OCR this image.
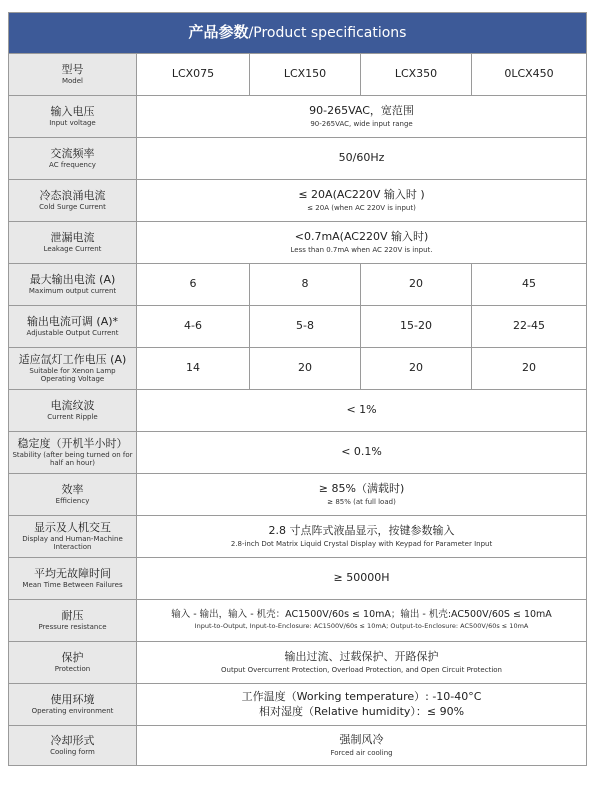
产品参数/Product specifications				

型号
Model	LCX075	LCX150	LCX350	0LCX450

输入电压
Input voltage	90-265VAC，宽范围
90-265VAC, wide input range			

交流频率
AC frequency	50/60Hz			

冷态浪涌电流
Cold Surge Current	≤ 20A(AC220V 输入时 )
≤ 20A (when AC 220V is input)			

泄漏电流
Leakage Current	<0.7mA(AC220V 输入时)
Less than 0.7mA when AC 220V is input.			

最大输出电流 (A)
Maximum output current	6	8	20	45

输出电流可调 (A)*
Adjustable Output Current	4-6	5-8	15-20	22-45

适应氙灯工作电压 (A)
Suitable for Xenon Lamp Operating Voltage	14	20	20	20

电流纹波
Current Ripple	< 1%			

稳定度（开机半小时）
Stability (after being turned on for half an hour)	< 0.1%			

效率
Efficiency	≥ 85%（满载时)
≥ 85% (at full load)			

显示及人机交互
Display and Human-Machine Interaction	2.8 寸点阵式液晶显示，按键参数输入
2.8-inch Dot Matrix Liquid Crystal Display with Keypad for Parameter Input			

平均无故障时间
Mean Time Between Failures	≥ 50000H			

耐压
Pressure resistance	输入 - 输出，输入 - 机壳：AC1500V/60s ≤ 10mA；输出 - 机壳:AC500V/60S ≤ 10mA
Input-to-Output, Input-to-Enclosure: AC1500V/60s ≤ 10mA; Output-to-Enclosure: AC500V/60s ≤ 10mA			

保护
Protection	输出过流、过载保护、开路保护
Output Overcurrent Protection, Overload Protection, and Open Circuit Protection			

使用环境
Operating environment	工作温度（Working temperature）: -10-40°C
相对湿度（Relative humidity）：≤ 90%			

冷却形式
Cooling form	强制风冷
Forced air cooling			
